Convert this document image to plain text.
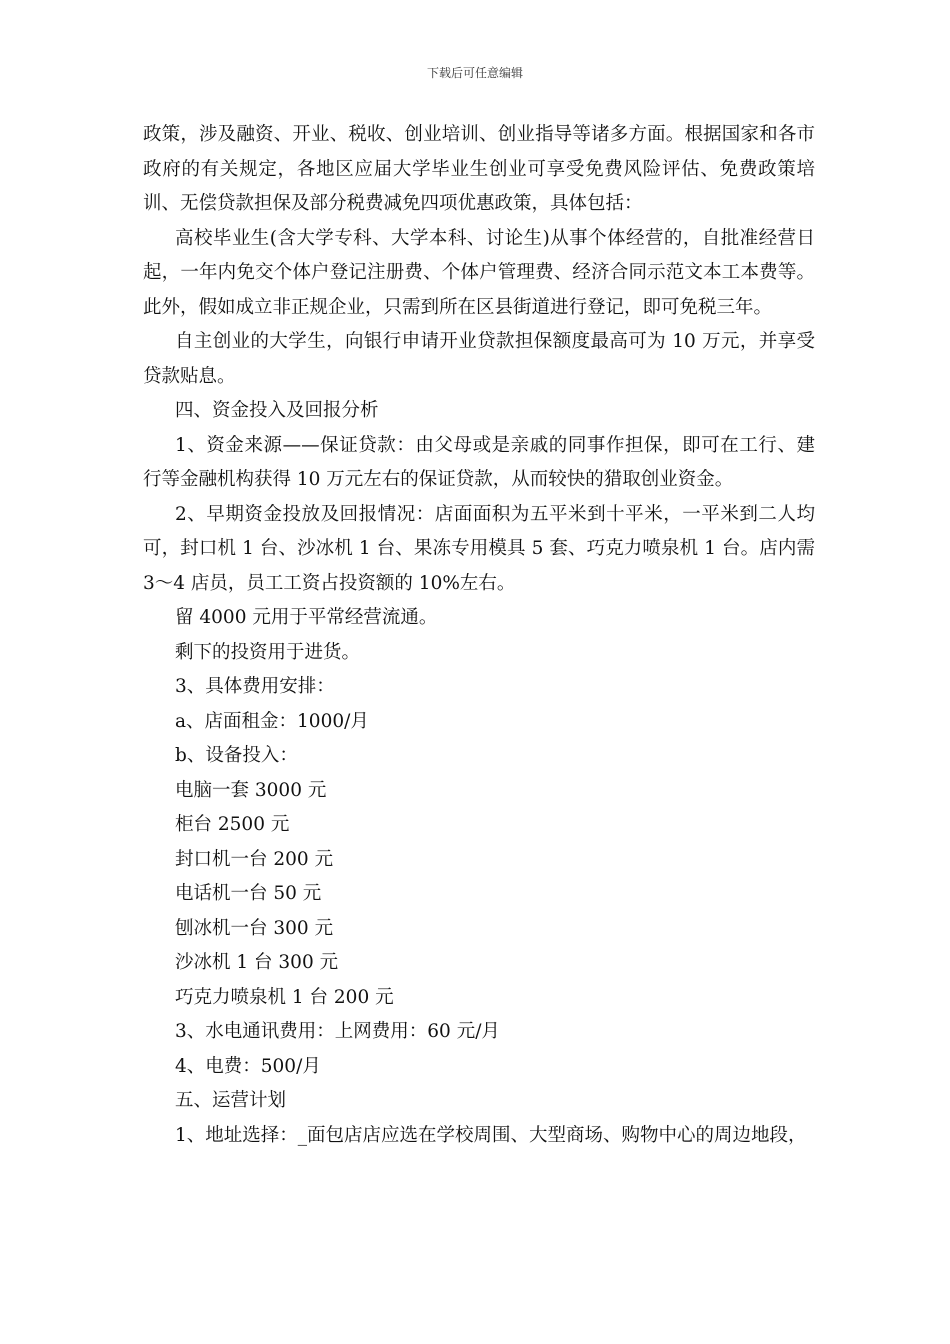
下载后可任意编辑

政策，涉及融资、开业、税收、创业培训、创业指导等诸多方面。根据国家和各市政府的有关规定，各地区应届大学毕业生创业可享受免费风险评估、免费政策培训、无偿贷款担保及部分税费减免四项优惠政策，具体包括：

高校毕业生(含大学专科、大学本科、讨论生)从事个体经营的，自批准经营日起，一年内免交个体户登记注册费、个体户管理费、经济合同示范文本工本费等。此外，假如成立非正规企业，只需到所在区县街道进行登记，即可免税三年。

自主创业的大学生，向银行申请开业贷款担保额度最高可为 10 万元，并享受贷款贴息。

四、资金投入及回报分析

1、资金来源——保证贷款：由父母或是亲戚的同事作担保，即可在工行、建行等金融机构获得 10 万元左右的保证贷款，从而较快的猎取创业资金。

2、早期资金投放及回报情况：店面面积为五平米到十平米，一平米到二人均可，封口机 1 台、沙冰机 1 台、果冻专用模具 5 套、巧克力喷泉机 1 台。店内需 3～4 店员，员工工资占投资额的 10%左右。

留 4000 元用于平常经营流通。

剩下的投资用于进货。

3、具体费用安排：

a、店面租金：1000/月

b、设备投入：

电脑一套 3000 元

柜台 2500 元

封口机一台 200 元

电话机一台 50 元

刨冰机一台 300 元

沙冰机 1 台 300 元

巧克力喷泉机 1 台 200 元

3、水电通讯费用：上网费用：60 元/月

4、电费：500/月

五、运营计划

1、地址选择：_面包店店应选在学校周围、大型商场、购物中心的周边地段，
